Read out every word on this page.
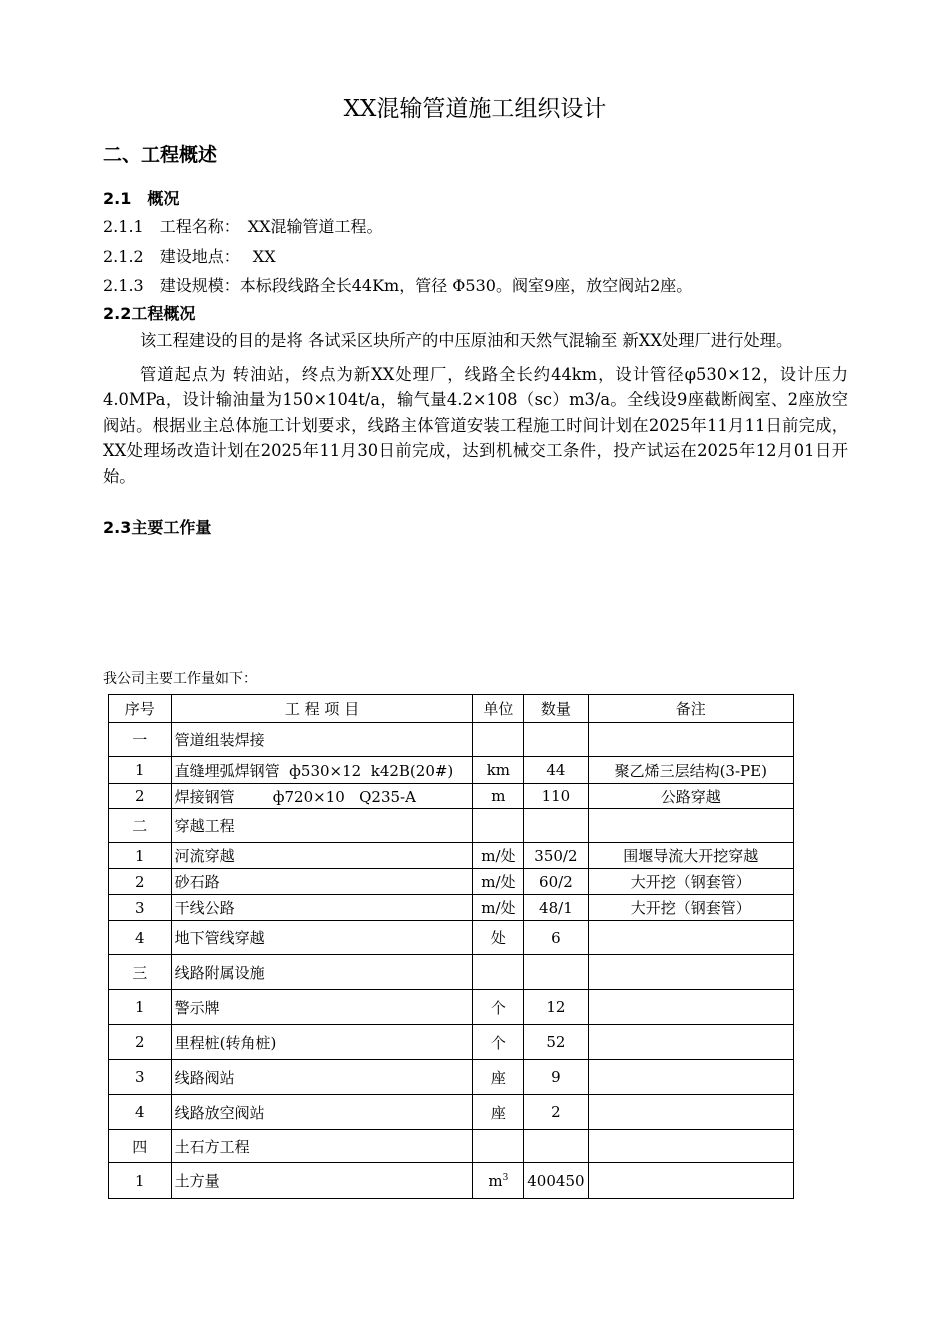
XX混输管道施工组织设计
二、工程概述
2.1　概况
2.1.1　工程名称：　XX混输管道工程。
2.1.2　建设地点：　 XX
2.1.3　建设规模：本标段线路全长44Km，管径 Φ530。阀室9座，放空阀站2座。
2.2工程概况

该工程建设的目的是将 各试采区块所产的中压原油和天然气混输至 新XX处理厂进行处理。

管道起点为 转油站，终点为新XX处理厂，线路全长约44km，设计管径φ530×12，设计压力4.0MPa，设计输油量为150×104t/a，输气量4.2×108（sc）m3/a。全线设9座截断阀室、2座放空阀站。根据业主总体施工计划要求，线路主体管道安装工程施工时间计划在2025年11月11日前完成，XX处理场改造计划在2025年11月30日前完成，达到机械交工条件，投产试运在2025年12月01日开始。

2.3主要工作量
我公司主要工作量如下：
序号	工 程 项 目	单位	数量	备注
一	管道组装焊接			
1	直缝埋弧焊钢管  ф530×12  k42B(20#)	km	44	聚乙烯三层结构(3-PE)
2	焊接钢管        ф720×10   Q235-A	m	110	公路穿越
二	穿越工程			
1	河流穿越	m/处	350/2	围堰导流大开挖穿越
2	砂石路	m/处	60/2	大开挖（钢套管）
3	干线公路	m/处	48/1	大开挖（钢套管）
4	地下管线穿越	处	6	
三	线路附属设施			
1	警示牌	个	12	
2	里程桩(转角桩)	个	52	
3	线路阀站	座	9	
4	线路放空阀站	座	2	
四	土石方工程			
1	土方量	$m^3$	400450	
